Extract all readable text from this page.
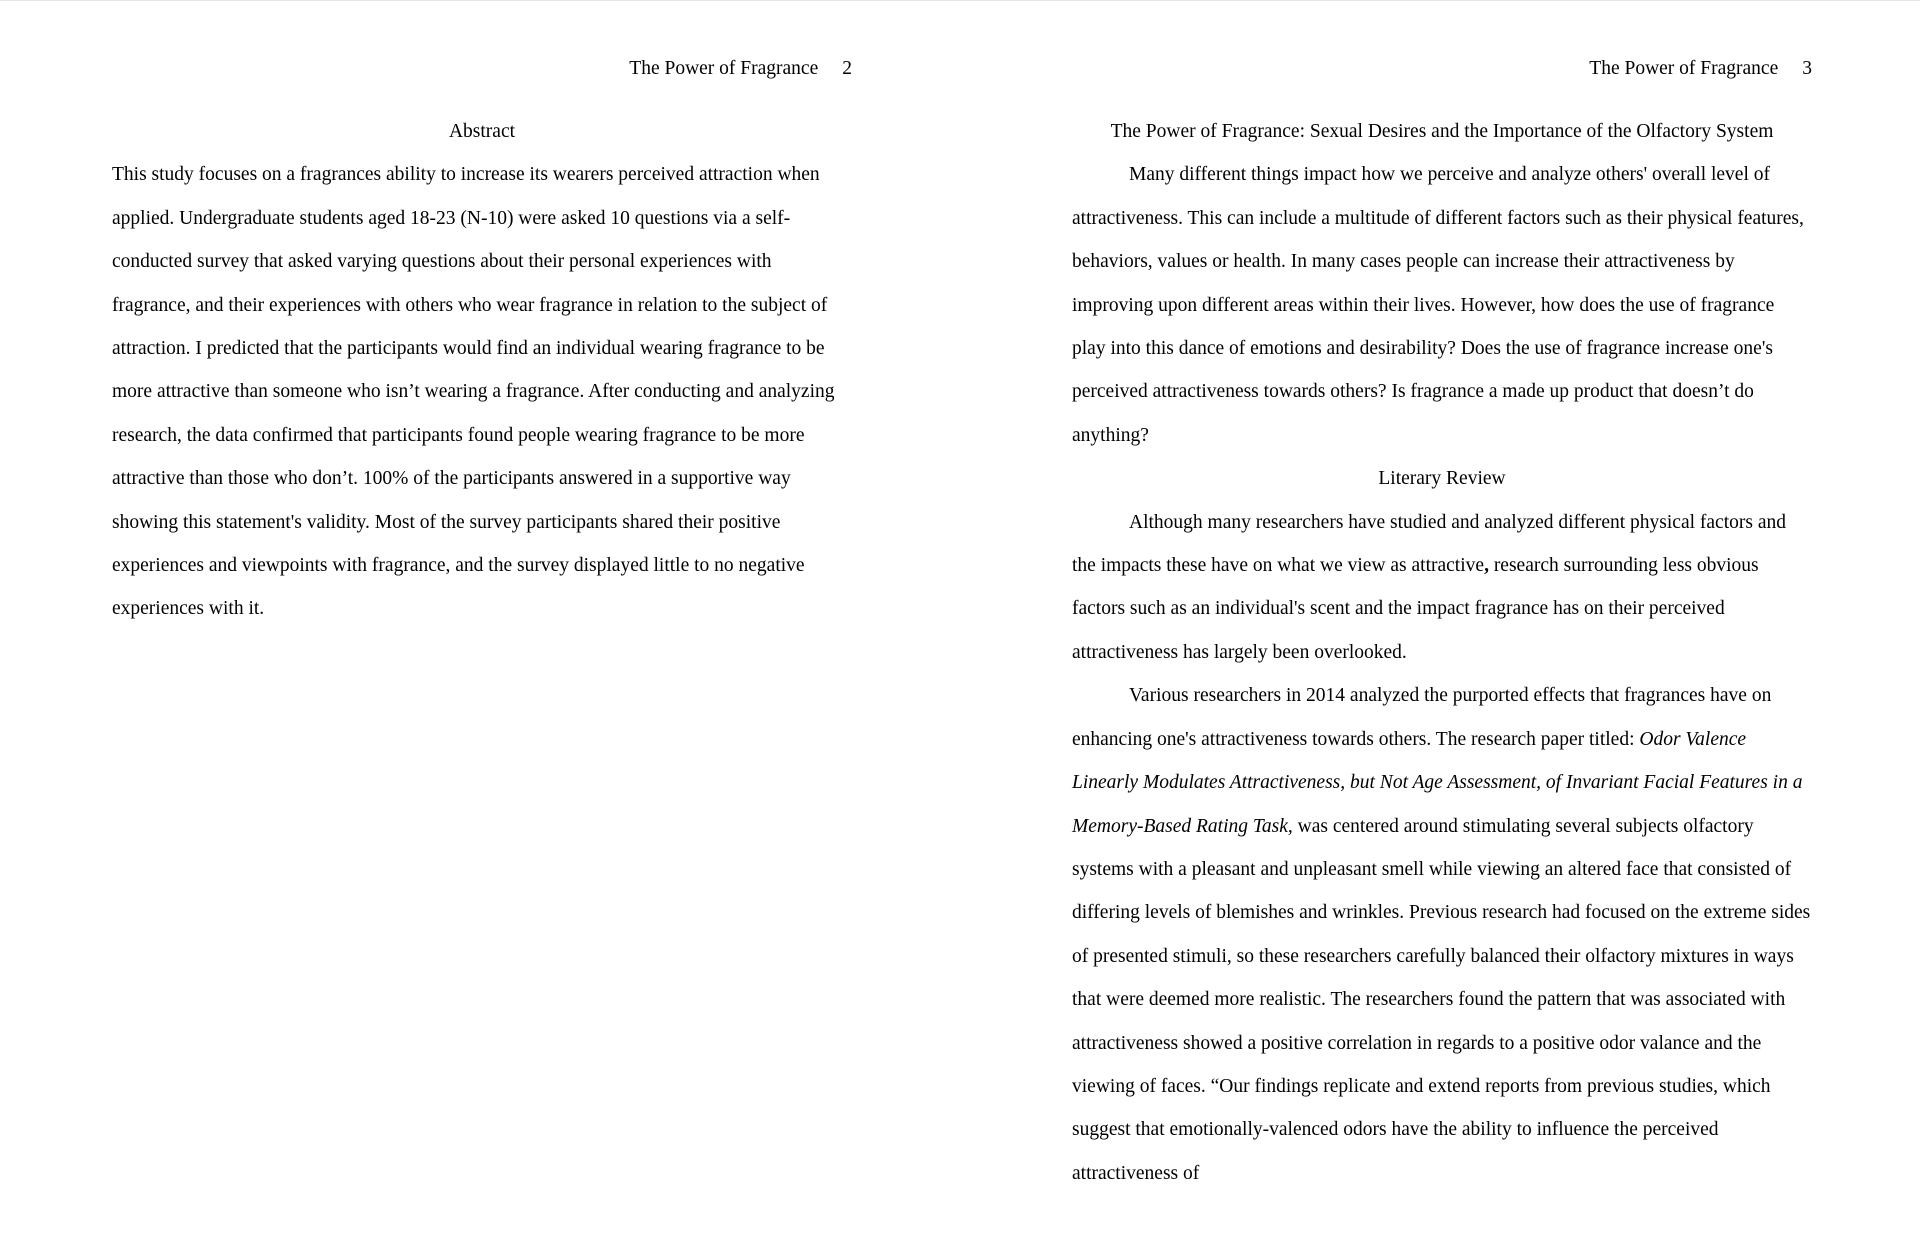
The Power of Fragrance 2
Abstract

This study focuses on a fragrances ability to increase its wearers perceived attraction when applied. Undergraduate students aged 18-23 (N-10) were asked 10 questions via a self-conducted survey that asked varying questions about their personal experiences with fragrance, and their experiences with others who wear fragrance in relation to the subject of attraction. I predicted that the participants would find an individual wearing fragrance to be more attractive than someone who isn’t wearing a fragrance. After conducting and analyzing research, the data confirmed that participants found people wearing fragrance to be more attractive than those who don’t. 100% of the participants answered in a supportive way showing this statement's validity. Most of the survey participants shared their positive experiences and viewpoints with fragrance, and the survey displayed little to no negative experiences with it.

The Power of Fragrance 3
The Power of Fragrance: Sexual Desires and the Importance of the Olfactory System

Many different things impact how we perceive and analyze others' overall level of attractiveness. This can include a multitude of different factors such as their physical features, behaviors, values or health. In many cases people can increase their attractiveness by improving upon different areas within their lives. However, how does the use of fragrance play into this dance of emotions and desirability? Does the use of fragrance increase one's perceived attractiveness towards others? Is fragrance a made up product that doesn’t do anything?

Literary Review

Although many researchers have studied and analyzed different physical factors and the impacts these have on what we view as attractive, research surrounding less obvious factors such as an individual's scent and the impact fragrance has on their perceived attractiveness has largely been overlooked.

Various researchers in 2014 analyzed the purported effects that fragrances have on enhancing one's attractiveness towards others. The research paper titled: Odor Valence Linearly Modulates Attractiveness, but Not Age Assessment, of Invariant Facial Features in a Memory-Based Rating Task, was centered around stimulating several subjects olfactory systems with a pleasant and unpleasant smell while viewing an altered face that consisted of differing levels of blemishes and wrinkles. Previous research had focused on the extreme sides of presented stimuli, so these researchers carefully balanced their olfactory mixtures in ways that were deemed more realistic. The researchers found the pattern that was associated with attractiveness showed a positive correlation in regards to a positive odor valance and the viewing of faces. “Our findings replicate and extend reports from previous studies, which suggest that emotionally-valenced odors have the ability to influence the perceived attractiveness of
